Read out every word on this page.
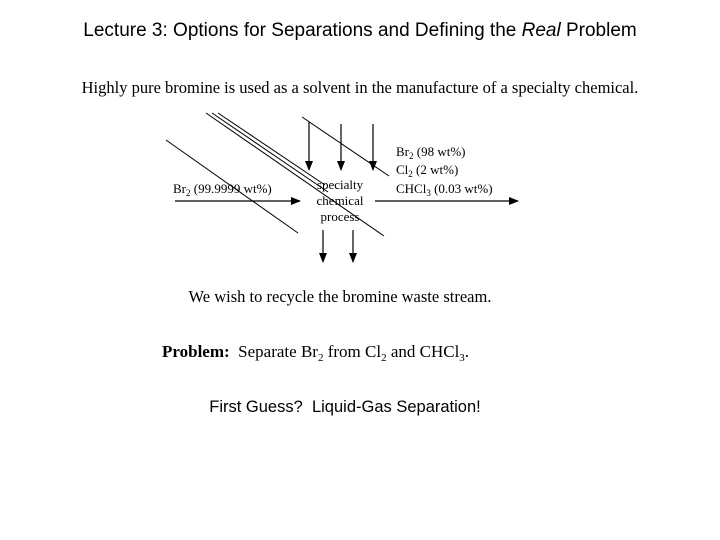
Lecture 3: Options for Separations and Defining the Real Problem
Highly pure bromine is used as a solvent in the manufacture of a specialty chemical.
$Br_2$ (99.9999 wt%)	specialty
chemical
process
$Br_2$ (98 wt%)
$Cl_2$ (2 wt%)
CHCl$_3$ (0.03 wt%)
We wish to recycle the bromine waste stream.
Problem:  Separate $Br_2$ from $Cl_2$ and CHCl$_3$.
First Guess?  Liquid-Gas Separation!
